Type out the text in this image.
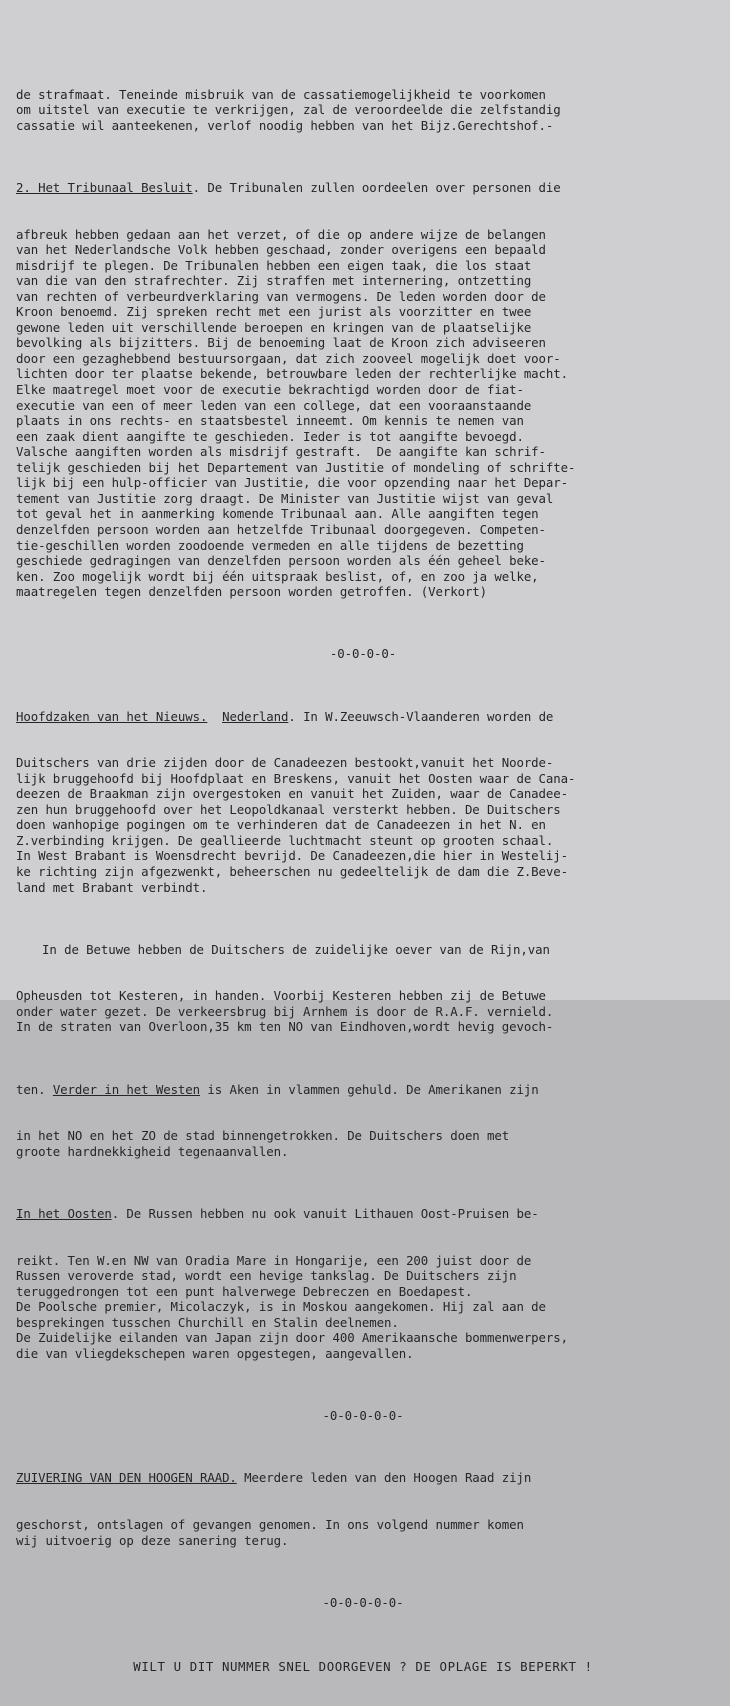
de strafmaat. Teneinde misbruik van de cassatiemogelijkheid te voorkomen
om uitstel van executie te verkrijgen, zal de veroordeelde die zelfstandig
cassatie wil aanteekenen, verlof noodig hebben van het Bijz.Gerechtshof.-

2. Het Tribunaal Besluit. De Tribunalen zullen oordeelen over personen die

afbreuk hebben gedaan aan het verzet, of die op andere wijze de belangen
van het Nederlandsche Volk hebben geschaad, zonder overigens een bepaald
misdrijf te plegen. De Tribunalen hebben een eigen taak, die los staat
van die van den strafrechter. Zij straffen met internering, ontzetting
van rechten of verbeurdverklaring van vermogens. De leden worden door de
Kroon benoemd. Zij spreken recht met een jurist als voorzitter en twee
gewone leden uit verschillende beroepen en kringen van de plaatselijke
bevolking als bijzitters. Bij de benoeming laat de Kroon zich adviseeren
door een gezaghebbend bestuursorgaan, dat zich zooveel mogelijk doet voor-
lichten door ter plaatse bekende, betrouwbare leden der rechterlijke macht.
Elke maatregel moet voor de executie bekrachtigd worden door de fiat-
executie van een of meer leden van een college, dat een vooraanstaande
plaats in ons rechts- en staatsbestel inneemt. Om kennis te nemen van
een zaak dient aangifte te geschieden. Ieder is tot aangifte bevoegd.
Valsche aangiften worden als misdrijf gestraft.  De aangifte kan schrif-
telijk geschieden bij het Departement van Justitie of mondeling of schrifte-
lijk bij een hulp-officier van Justitie, die voor opzending naar het Depar-
tement van Justitie zorg draagt. De Minister van Justitie wijst van geval
tot geval het in aanmerking komende Tribunaal aan. Alle aangiften tegen
denzelfden persoon worden aan hetzelfde Tribunaal doorgegeven. Competen-
tie-geschillen worden zoodoende vermeden en alle tijdens de bezetting
geschiede gedragingen van denzelfden persoon worden als één geheel beke-
ken. Zoo mogelijk wordt bij één uitspraak beslist, of, en zoo ja welke,
maatregelen tegen denzelfden persoon worden getroffen. (Verkort)

-0-0-0-0-

Hoofdzaken van het Nieuws. Nederland. In W.Zeeuwsch-Vlaanderen worden de

Duitschers van drie zijden door de Canadeezen bestookt,vanuit het Noorde-
lijk bruggehoofd bij Hoofdplaat en Breskens, vanuit het Oosten waar de Cana-
deezen de Braakman zijn overgestoken en vanuit het Zuiden, waar de Canadee-
zen hun bruggehoofd over het Leopoldkanaal versterkt hebben. De Duitschers
doen wanhopige pogingen om te verhinderen dat de Canadeezen in het N. en
Z.verbinding krijgen. De geallieerde luchtmacht steunt op grooten schaal.
In West Brabant is Woensdrecht bevrijd. De Canadeezen,die hier in Westelij-
ke richting zijn afgezwenkt, beheerschen nu gedeeltelijk de dam die Z.Beve-
land met Brabant verbindt.

In de Betuwe hebben de Duitschers de zuidelijke oever van de Rijn,van

Opheusden tot Kesteren, in handen. Voorbij Kesteren hebben zij de Betuwe
onder water gezet. De verkeersbrug bij Arnhem is door de R.A.F. vernield.
In de straten van Overloon,35 km ten NO van Eindhoven,wordt hevig gevoch-

ten. Verder in het Westen is Aken in vlammen gehuld. De Amerikanen zijn

in het NO en het ZO de stad binnengetrokken. De Duitschers doen met
groote hardnekkigheid tegenaanvallen.

In het Oosten. De Russen hebben nu ook vanuit Lithauen Oost-Pruisen be-

reikt. Ten W.en NW van Oradia Mare in Hongarije, een 200 juist door de
Russen veroverde stad, wordt een hevige tankslag. De Duitschers zijn
teruggedrongen tot een punt halverwege Debreczen en Boedapest.
De Poolsche premier, Micolaczyk, is in Moskou aangekomen. Hij zal aan de
besprekingen tusschen Churchill en Stalin deelnemen.
De Zuidelijke eilanden van Japan zijn door 400 Amerikaansche bommenwerpers,
die van vliegdekschepen waren opgestegen, aangevallen.

-0-0-0-0-0-

ZUIVERING VAN DEN HOOGEN RAAD. Meerdere leden van den Hoogen Raad zijn

geschorst, ontslagen of gevangen genomen. In ons volgend nummer komen
wij uitvoerig op deze sanering terug.

-0-0-0-0-0-

WILT U DIT NUMMER SNEL DOORGEVEN ? DE OPLAGE IS BEPERKT !
